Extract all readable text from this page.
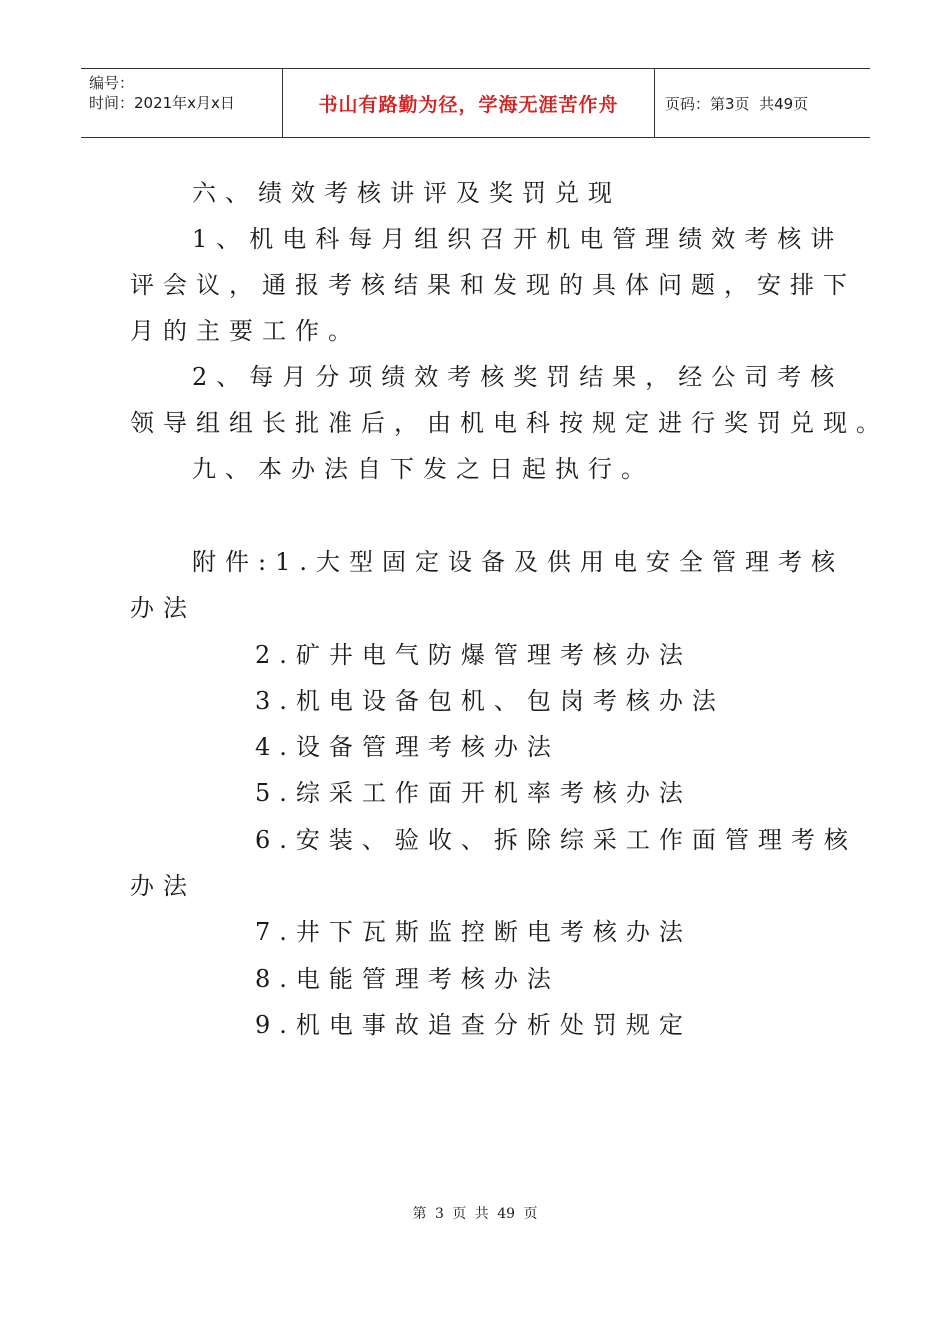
编号：
时间：2021年x月x日	书山有路勤为径，学海无涯苦作舟	页码：第3页  共49页
六、绩效考核讲评及奖罚兑现
1、机电科每月组织召开机电管理绩效考核讲
评会议，通报考核结果和发现的具体问题，安排下
月的主要工作。
2、每月分项绩效考核奖罚结果，经公司考核
领导组组长批准后，由机电科按规定进行奖罚兑现。
九、本办法自下发之日起执行。
附件:1.大型固定设备及供用电安全管理考核
办法
2.矿井电气防爆管理考核办法
3.机电设备包机、包岗考核办法
4.设备管理考核办法
5.综采工作面开机率考核办法
6.安装、验收、拆除综采工作面管理考核
办法
7.井下瓦斯监控断电考核办法
8.电能管理考核办法
9.机电事故追查分析处罚规定
第 3 页 共 49 页
